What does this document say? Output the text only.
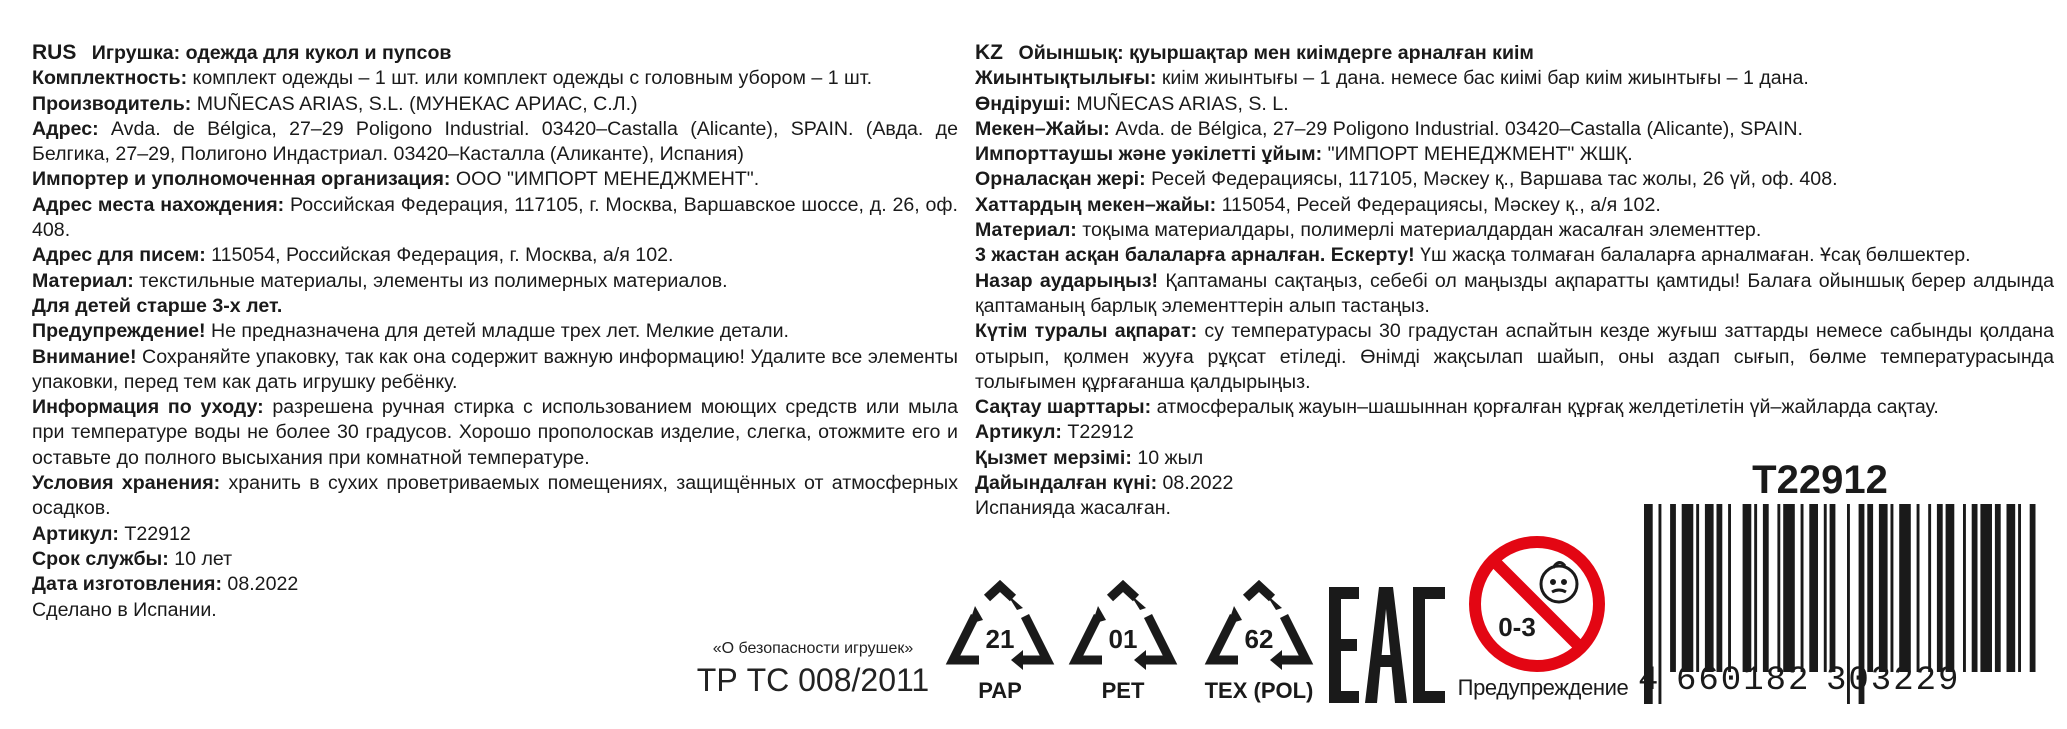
RUS Игрушка: одежда для кукол и пупсов

Комплектность: комплект одежды – 1 шт. или комплект одежды с головным убором – 1 шт.

Производитель: MUÑECAS ARIAS, S.L. (МУНЕКАС АРИАС, С.Л.)

Адрес: Avda. de Bélgica, 27–29 Poligono Industrial. 03420–Castalla (Alicante), SPAIN. (Авда. де Белгика, 27–29, Полигоно Индастриал. 03420–Касталла (Аликанте), Испания)

Импортер и уполномоченная организация: ООО "ИМПОРТ МЕНЕДЖМЕНТ".

Адрес места нахождения: Российская Федерация, 117105, г. Москва, Варшавское шоссе, д. 26, оф. 408.

Адрес для писем: 115054, Российская Федерация, г. Москва, а/я 102.

Материал: текстильные материалы, элементы из полимерных материалов.

Для детей старше 3-х лет.

Предупреждение! Не предназначена для детей младше трех лет. Мелкие детали.

Внимание! Сохраняйте упаковку, так как она содержит важную информацию! Удалите все элементы упаковки, перед тем как дать игрушку ребёнку.

Информация по уходу: разрешена ручная стирка с использованием моющих средств или мыла при температуре воды не более 30 градусов. Хорошо прополоскав изделие, слегка, отожмите его и оставьте до полного высыхания при комнатной температуре.

Условия хранения: хранить в сухих проветриваемых помещениях, защищённых от атмосферных осадков.

Артикул: T22912

Срок службы: 10 лет

Дата изготовления: 08.2022

Сделано в Испании.

KZ Ойыншық: қуыршақтар мен киімдерге арналған киім

Жиынтықтылығы: киім жиынтығы – 1 дана. немесе бас киімі бар киім жиынтығы – 1 дана.

Өндіруші: MUÑECAS ARIAS, S. L.

Мекен–Жайы: Avda. de Bélgica, 27–29 Poligono Industrial. 03420–Castalla (Alicante), SPAIN.

Импорттаушы және уәкілетті ұйым: "ИМПОРТ МЕНЕДЖМЕНТ" ЖШҚ.

Орналасқан жері: Ресей Федерациясы, 117105, Мәскеу қ., Варшава тас жолы, 26 үй, оф. 408.

Хаттардың мекен–жайы: 115054, Ресей Федерациясы, Мәскеу қ., а/я 102.

Материал: тоқыма материалдары, полимерлі материалдардан жасалған элементтер.

3 жастан асқан балаларға арналған. Ескерту! Үш жасқа толмаған балаларға арналмаған. Ұсақ бөлшектер.

Назар аударыңыз! Қаптаманы сақтаңыз, себебі ол маңызды ақпаратты қамтиды! Балаға ойыншық берер алдында қаптаманың барлық элементтерін алып тастаңыз.

Күтім туралы ақпарат: су температурасы 30 градустан аспайтын кезде жуғыш заттарды немесе сабынды қолдана отырып, қолмен жууға рұқсат етіледі. Өнімді жақсылап шайып, оны аздап сығып, бөлме температурасында толығымен құрғағанша қалдырыңыз.

Сақтау шарттары: атмосфералық жауын–шашыннан қорғалған құрғақ желдетілетін үй–жайларда сақтау.

Артикул: T22912

Қызмет мерзімі: 10 жыл

Дайындалған күні: 08.2022

Испанияда жасалған.

«О безопасности игрушек»
ТР ТС 008/2011
21
PAP
01
PET
62
TEX (POL)
0-3
Предупреждение
T22912
4 660182 303229
